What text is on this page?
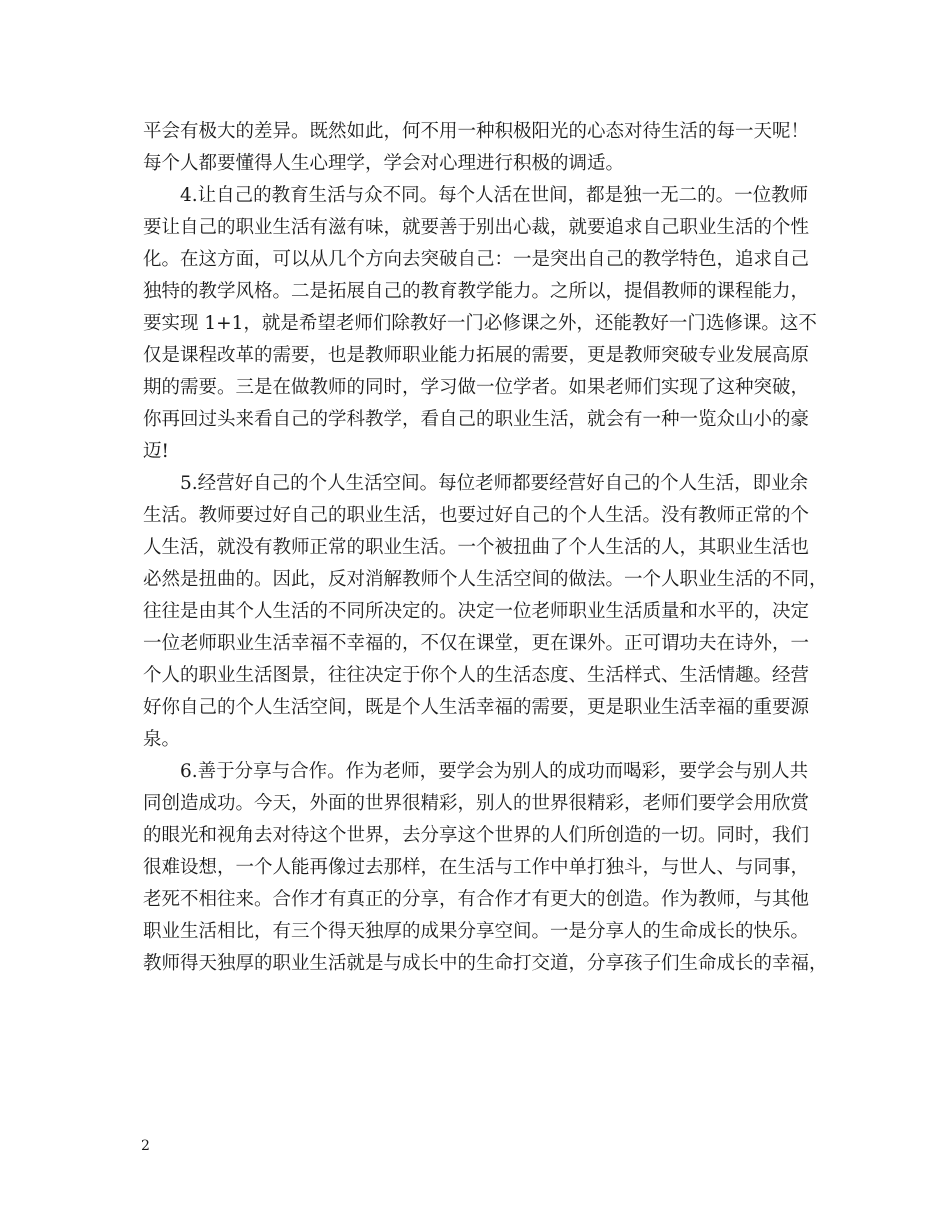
平会有极大的差异。既然如此，何不用一种积极阳光的心态对待生活的每一天呢！
每个人都要懂得人生心理学，学会对心理进行积极的调适。
4.让自己的教育生活与众不同。每个人活在世间，都是独一无二的。一位教师
要让自己的职业生活有滋有味，就要善于别出心裁，就要追求自己职业生活的个性
化。在这方面，可以从几个方向去突破自己：一是突出自己的教学特色，追求自己
独特的教学风格。二是拓展自己的教育教学能力。之所以，提倡教师的课程能力，
要实现 1+1，就是希望老师们除教好一门必修课之外，还能教好一门选修课。这不
仅是课程改革的需要，也是教师职业能力拓展的需要，更是教师突破专业发展高原
期的需要。三是在做教师的同时，学习做一位学者。如果老师们实现了这种突破，
你再回过头来看自己的学科教学，看自己的职业生活，就会有一种一览众山小的豪
迈!
5.经营好自己的个人生活空间。每位老师都要经营好自己的个人生活，即业余
生活。教师要过好自己的职业生活，也要过好自己的个人生活。没有教师正常的个
人生活，就没有教师正常的职业生活。一个被扭曲了个人生活的人，其职业生活也
必然是扭曲的。因此，反对消解教师个人生活空间的做法。一个人职业生活的不同，
往往是由其个人生活的不同所决定的。决定一位老师职业生活质量和水平的，决定
一位老师职业生活幸福不幸福的，不仅在课堂，更在课外。正可谓功夫在诗外，一
个人的职业生活图景，往往决定于你个人的生活态度、生活样式、生活情趣。经营
好你自己的个人生活空间，既是个人生活幸福的需要，更是职业生活幸福的重要源
泉。
6.善于分享与合作。作为老师，要学会为别人的成功而喝彩，要学会与别人共
同创造成功。今天，外面的世界很精彩，别人的世界很精彩，老师们要学会用欣赏
的眼光和视角去对待这个世界，去分享这个世界的人们所创造的一切。同时，我们
很难设想，一个人能再像过去那样，在生活与工作中单打独斗，与世人、与同事，
老死不相往来。合作才有真正的分享，有合作才有更大的创造。作为教师，与其他
职业生活相比，有三个得天独厚的成果分享空间。一是分享人的生命成长的快乐。
教师得天独厚的职业生活就是与成长中的生命打交道，分享孩子们生命成长的幸福，
2
